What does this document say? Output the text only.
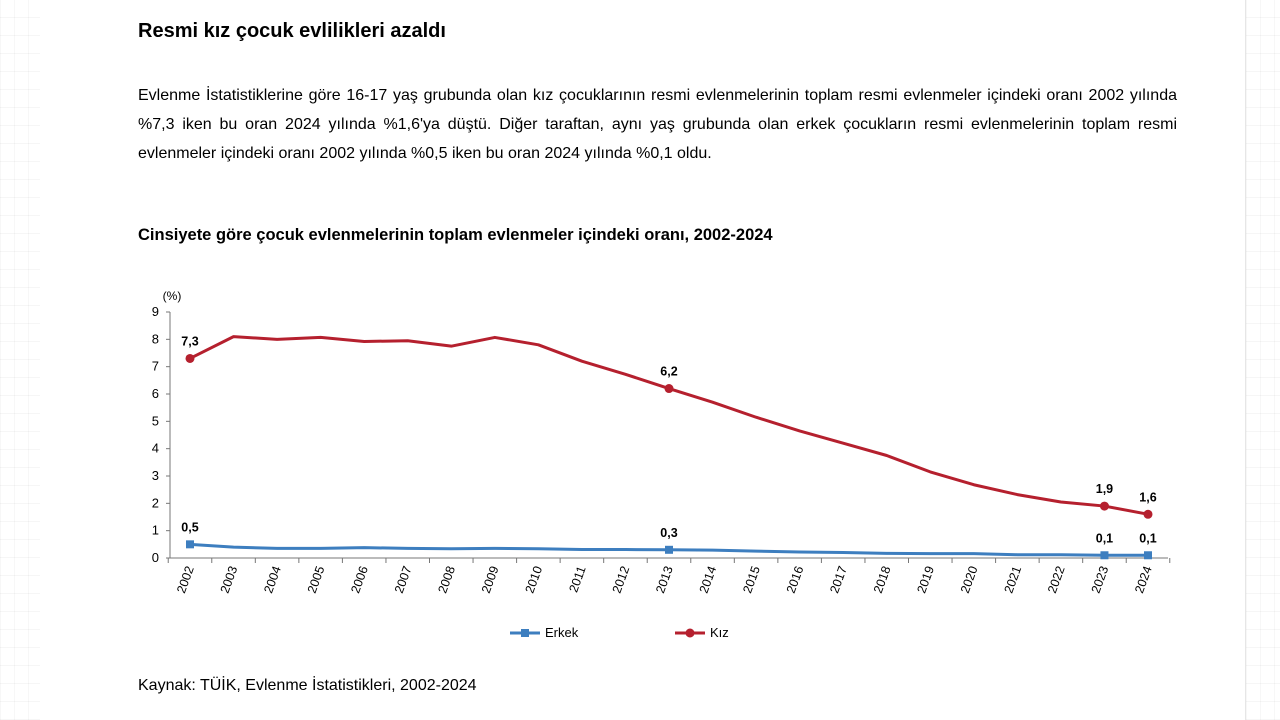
Resmi kız çocuk evlilikleri azaldı

Evlenme İstatistiklerine göre 16-17 yaş grubunda olan kız çocuklarının resmi evlenmelerinin toplam resmi evlenmeler içindeki oranı 2002 yılında %7,3 iken bu oran 2024 yılında %1,6'ya düştü. Diğer taraftan, aynı yaş grubunda olan erkek çocukların resmi evlenmelerinin toplam resmi evlenmeler içindeki oranı 2002 yılında %0,5 iken bu oran 2024 yılında %0,1 oldu.

Cinsiyete göre çocuk evlenmelerinin toplam evlenmeler içindeki oranı, 2002-2024
(%)
0
1
2
3
4
5
6
7
8
9
2002 2003 2004 2005 2006 2007 2008 2009 2010 2011 2012 2013 2014 2015 2016 2017 2018 2019 2020 2021 2022 2023 2024
0,5	0,3	0,1 0,1
7,3
6,2
1,9
1,6
Erkek	Kız

Kaynak: TÜİK, Evlenme İstatistikleri, 2002-2024
